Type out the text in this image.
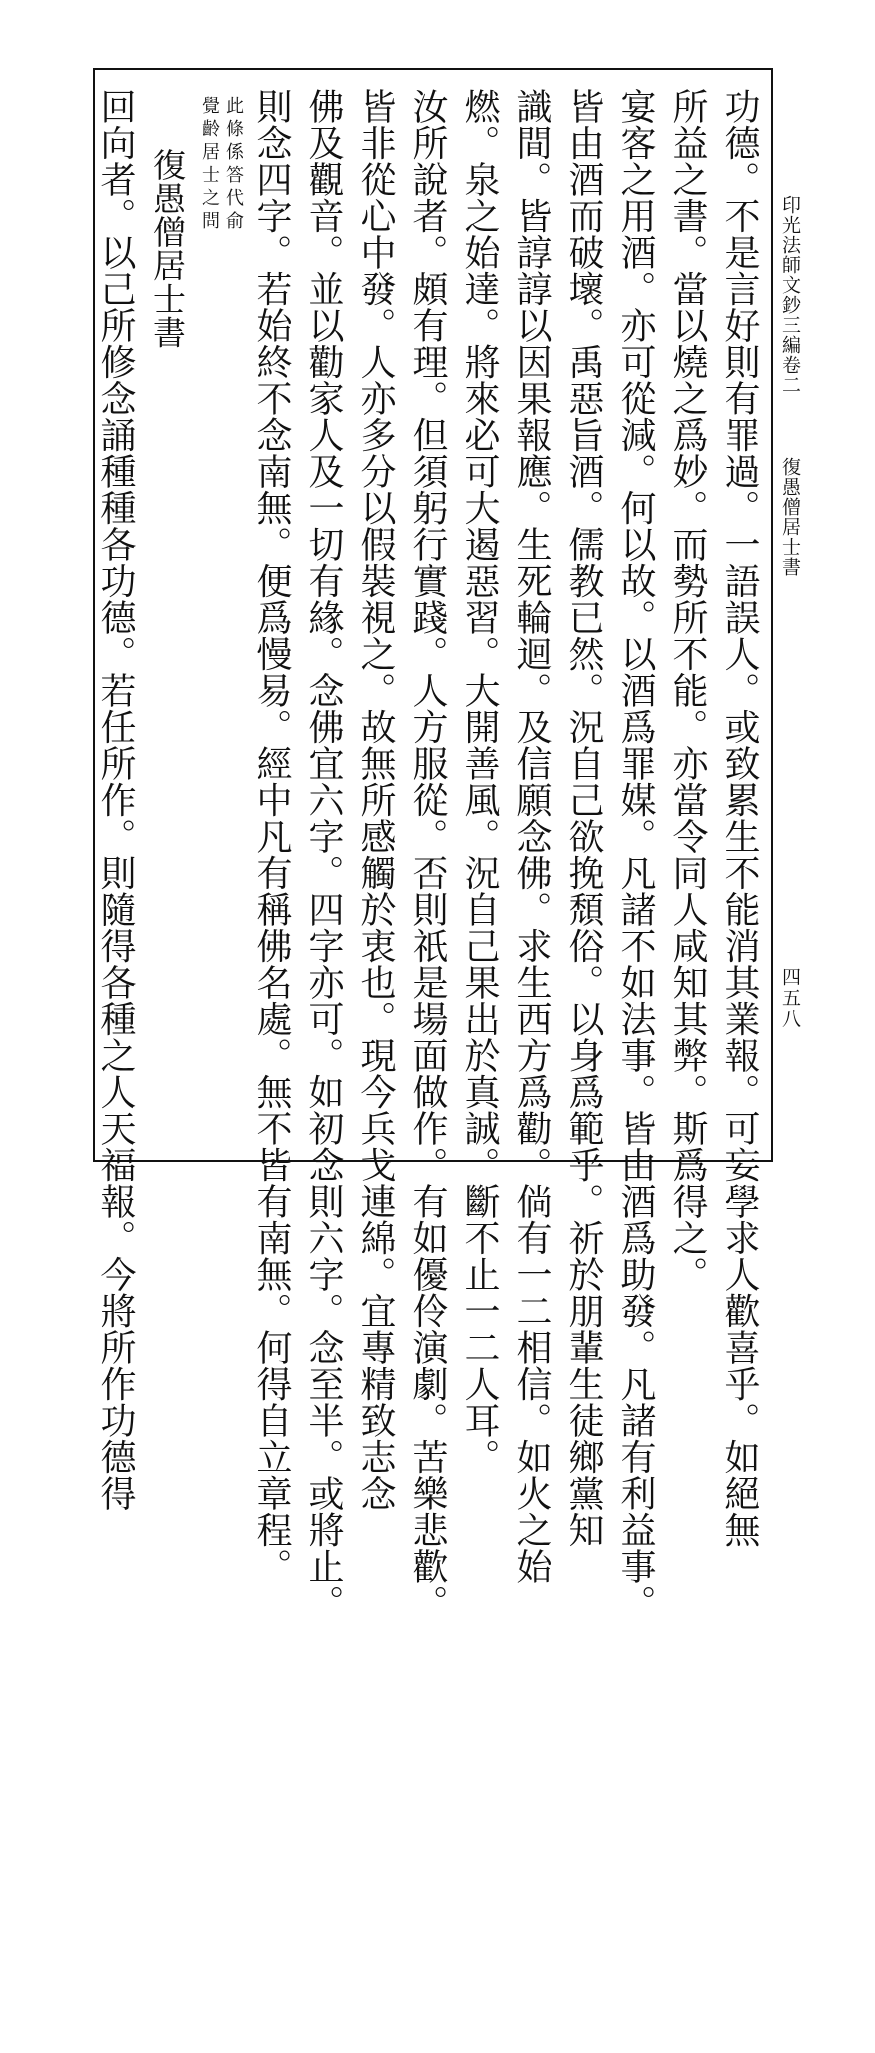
印光法師文鈔三編卷二
復愚僧居士書
四五八
功德。不是言好則有罪過。一語誤人。或致累生不能消其業報。可妄學求人歡喜乎。如絕無
所益之書。當以燒之爲妙。而勢所不能。亦當令同人咸知其弊。斯爲得之。
宴客之用酒。亦可從減。何以故。以酒爲罪媒。凡諸不如法事。皆由酒爲助發。凡諸有利益事。
皆由酒而破壞。禹惡旨酒。儒教已然。況自己欲挽頹俗。以身爲範乎。祈於朋輩生徒鄉黨知
識間。皆諄諄以因果報應。生死輪迴。及信願念佛。求生西方爲勸。倘有一二相信。如火之始
燃。泉之始達。將來必可大遏惡習。大開善風。況自己果出於真誠。斷不止一二人耳。
汝所說者。頗有理。但須躬行實踐。人方服從。否則祇是場面做作。有如優伶演劇。苦樂悲歡。
皆非從心中發。人亦多分以假裝視之。故無所感觸於衷也。現今兵戈連綿。宜專精致志念
佛及觀音。並以勸家人及一切有緣。念佛宜六字。四字亦可。如初念則六字。念至半。或將止。
則念四字。若始終不念南無。便爲慢易。經中凡有稱佛名處。無不皆有南無。何得自立章程。
此條係答代俞
覺齡居士之問
復愚僧居士書
回向者。以己所修念誦種種各功德。若任所作。則隨得各種之人天福報。今將所作功德得
